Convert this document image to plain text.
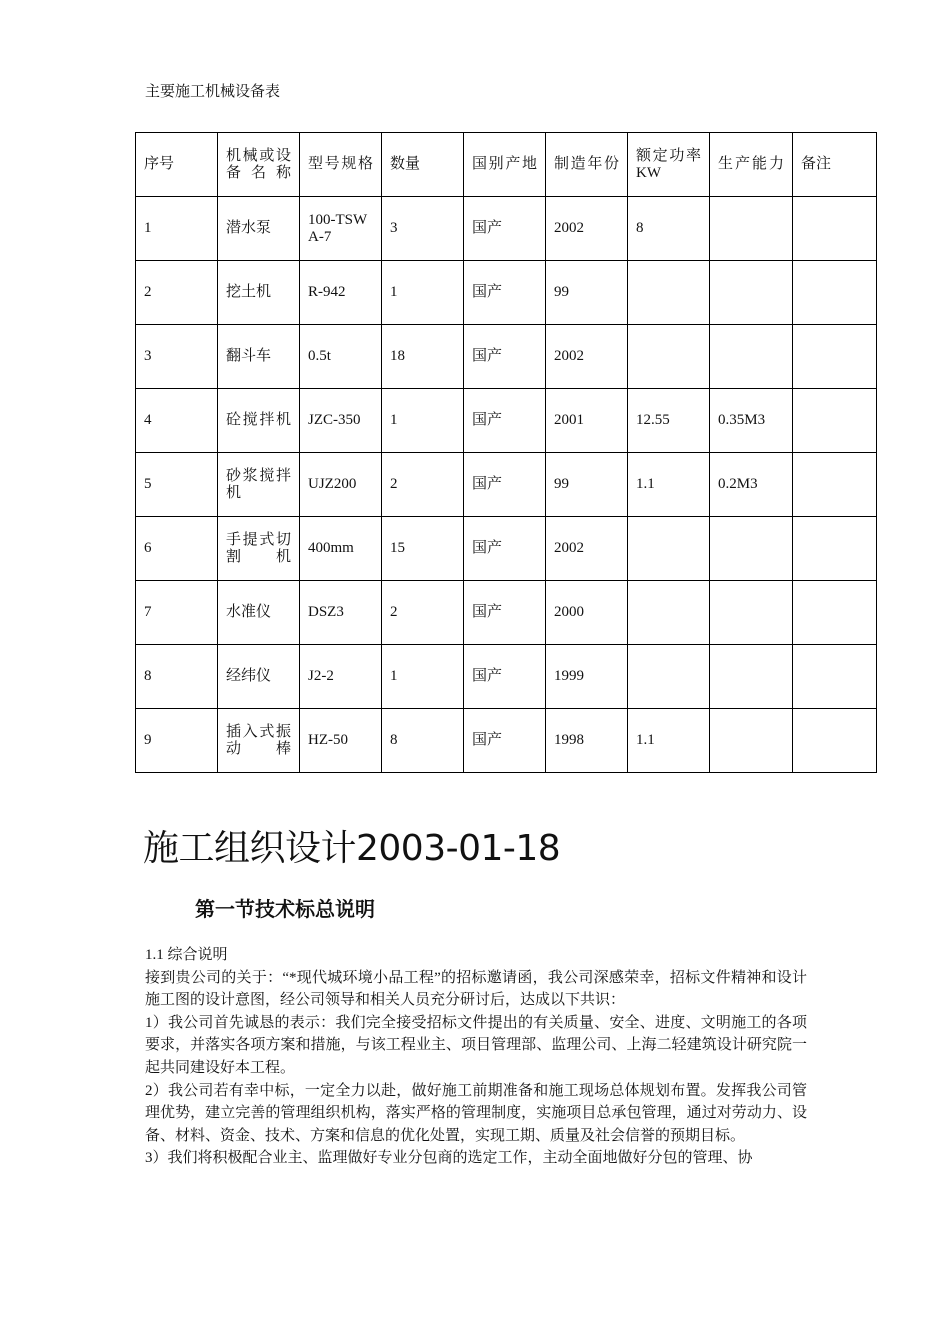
主要施工机械设备表
序号	机械或设备名称	型号规格	数量	国别产地	制造年份	额定功率KW	生产能力	备注
1	潜水泵	100-TSWA-7	3	国产	2002	8		
2	挖土机	R-942	1	国产	99			
3	翻斗车	0.5t	18	国产	2002			
4	砼搅拌机	JZC-350	1	国产	2001	12.55	0.35M3	
5	砂浆搅拌机	UJZ200	2	国产	99	1.1	0.2M3	
6	手提式切割机	400mm	15	国产	2002			
7	水准仪	DSZ3	2	国产	2000			
8	经纬仪	J2-2	1	国产	1999			
9	插入式振动棒	HZ-50	8	国产	1998	1.1		
施工组织设计2003-01-18
第一节技术标总说明

1.1 综合说明

接到贵公司的关于：“*现代城环境小品工程”的招标邀请函，我公司深感荣幸，招标文件精神和设计施工图的设计意图，经公司领导和相关人员充分研讨后，达成以下共识：

1）我公司首先诚恳的表示：我们完全接受招标文件提出的有关质量、安全、进度、文明施工的各项要求，并落实各项方案和措施，与该工程业主、项目管理部、监理公司、上海二轻建筑设计研究院一起共同建设好本工程。

2）我公司若有幸中标，一定全力以赴，做好施工前期准备和施工现场总体规划布置。发挥我公司管理优势，建立完善的管理组织机构，落实严格的管理制度，实施项目总承包管理，通过对劳动力、设备、材料、资金、技术、方案和信息的优化处置，实现工期、质量及社会信誉的预期目标。

3）我们将积极配合业主、监理做好专业分包商的选定工作，主动全面地做好分包的管理、协
